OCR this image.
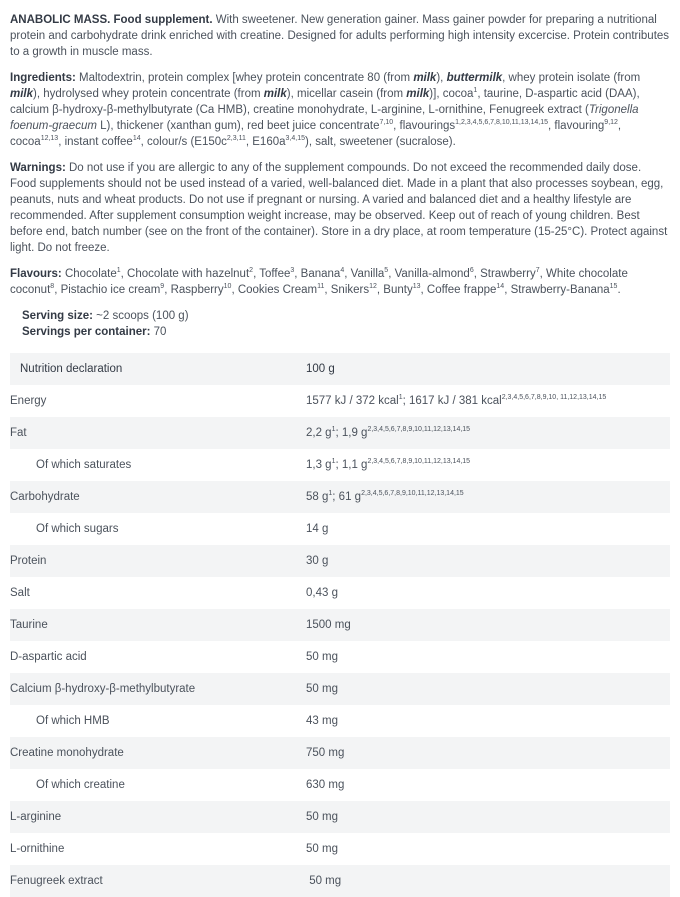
ANABOLIC MASS. Food supplement. With sweetener. New generation gainer. Mass gainer powder for preparing a nutritional protein and carbohydrate drink enriched with creatine. Designed for adults performing high intensity excercise. Protein contributes to a growth in muscle mass.

Ingredients: Maltodextrin, protein complex [whey protein concentrate 80 (from milk), buttermilk, whey protein isolate (from milk), hydrolysed whey protein concentrate (from milk), micellar casein (from milk)], cocoa$^1$, taurine, D-aspartic acid (DAA), calcium β-hydroxy-β-methylbutyrate (Ca HMB), creatine monohydrate, L-arginine, L-ornithine, Fenugreek extract (Trigonella foenum-graecum L), thickener (xanthan gum), red beet juice concentrate$^{7,10}$, flavourings$^{1,2,3,4,5,6,7,8,10,11,13,14,15}$, flavouring$^{9,12}$, cocoa$^{12,13}$, instant coffee$^{14}$, colour/s ($E150c^{2,3,11}$, $E160a^{3,4,15}$), salt, sweetener (sucralose).

Warnings: Do not use if you are allergic to any of the supplement compounds. Do not exceed the recommended daily dose. Food supplements should not be used instead of a varied, well-balanced diet. Made in a plant that also processes soybean, egg, peanuts, nuts and wheat products. Do not use if pregnant or nursing. A varied and balanced diet and a healthy lifestyle are recommended. After supplement consumption weight increase, may be observed. Keep out of reach of young children. Best before end, batch number (see on the front of the container). Store in a dry place, at room temperature (15-25°C). Protect against light. Do not freeze.

Flavours: Chocolate$^1$, Chocolate with hazelnut$^2$, Toffee$^3$, Banana$^4$, Vanilla$^5$, Vanilla-almond$^6$, Strawberry$^7$, White chocolate coconut$^8$, Pistachio ice cream$^9$, Raspberry$^{10}$, Cookies Cream$^{11}$, Snikers$^{12}$, Bunty$^{13}$, Coffee frappe$^{14}$, Strawberry-Banana$^{15}$.

Serving size: ~2 scoops (100 g)
Servings per container: 70
Nutrition declaration	100 g
Energy	1577 kJ / 372 kcal$^1$; 1617 kJ / 381 kcal$^{2,3,4,5,6,7,8,9,10, 11,12,13,14,15}$
Fat	2,2 $g^1$; 1,9 $g^{2,3,4,5,6,7,8,9,10,11,12,13,14,15}$
Of which saturates	1,3 $g^1$; 1,1 $g^{2,3,4,5,6,7,8,9,10,11,12,13,14,15}$
Carbohydrate	58 $g^1$; 61 $g^{2,3,4,5,6,7,8,9,10,11,12,13,14,15}$
Of which sugars	14 g
Protein	30 g
Salt	0,43 g
Taurine	1500 mg
D-aspartic acid	50 mg
Calcium β-hydroxy-β-methylbutyrate	50 mg
Of which HMB	43 mg
Creatine monohydrate	750 mg
Of which creatine	630 mg
L-arginine	50 mg
L-ornithine	50 mg
Fenugreek extract	50 mg
